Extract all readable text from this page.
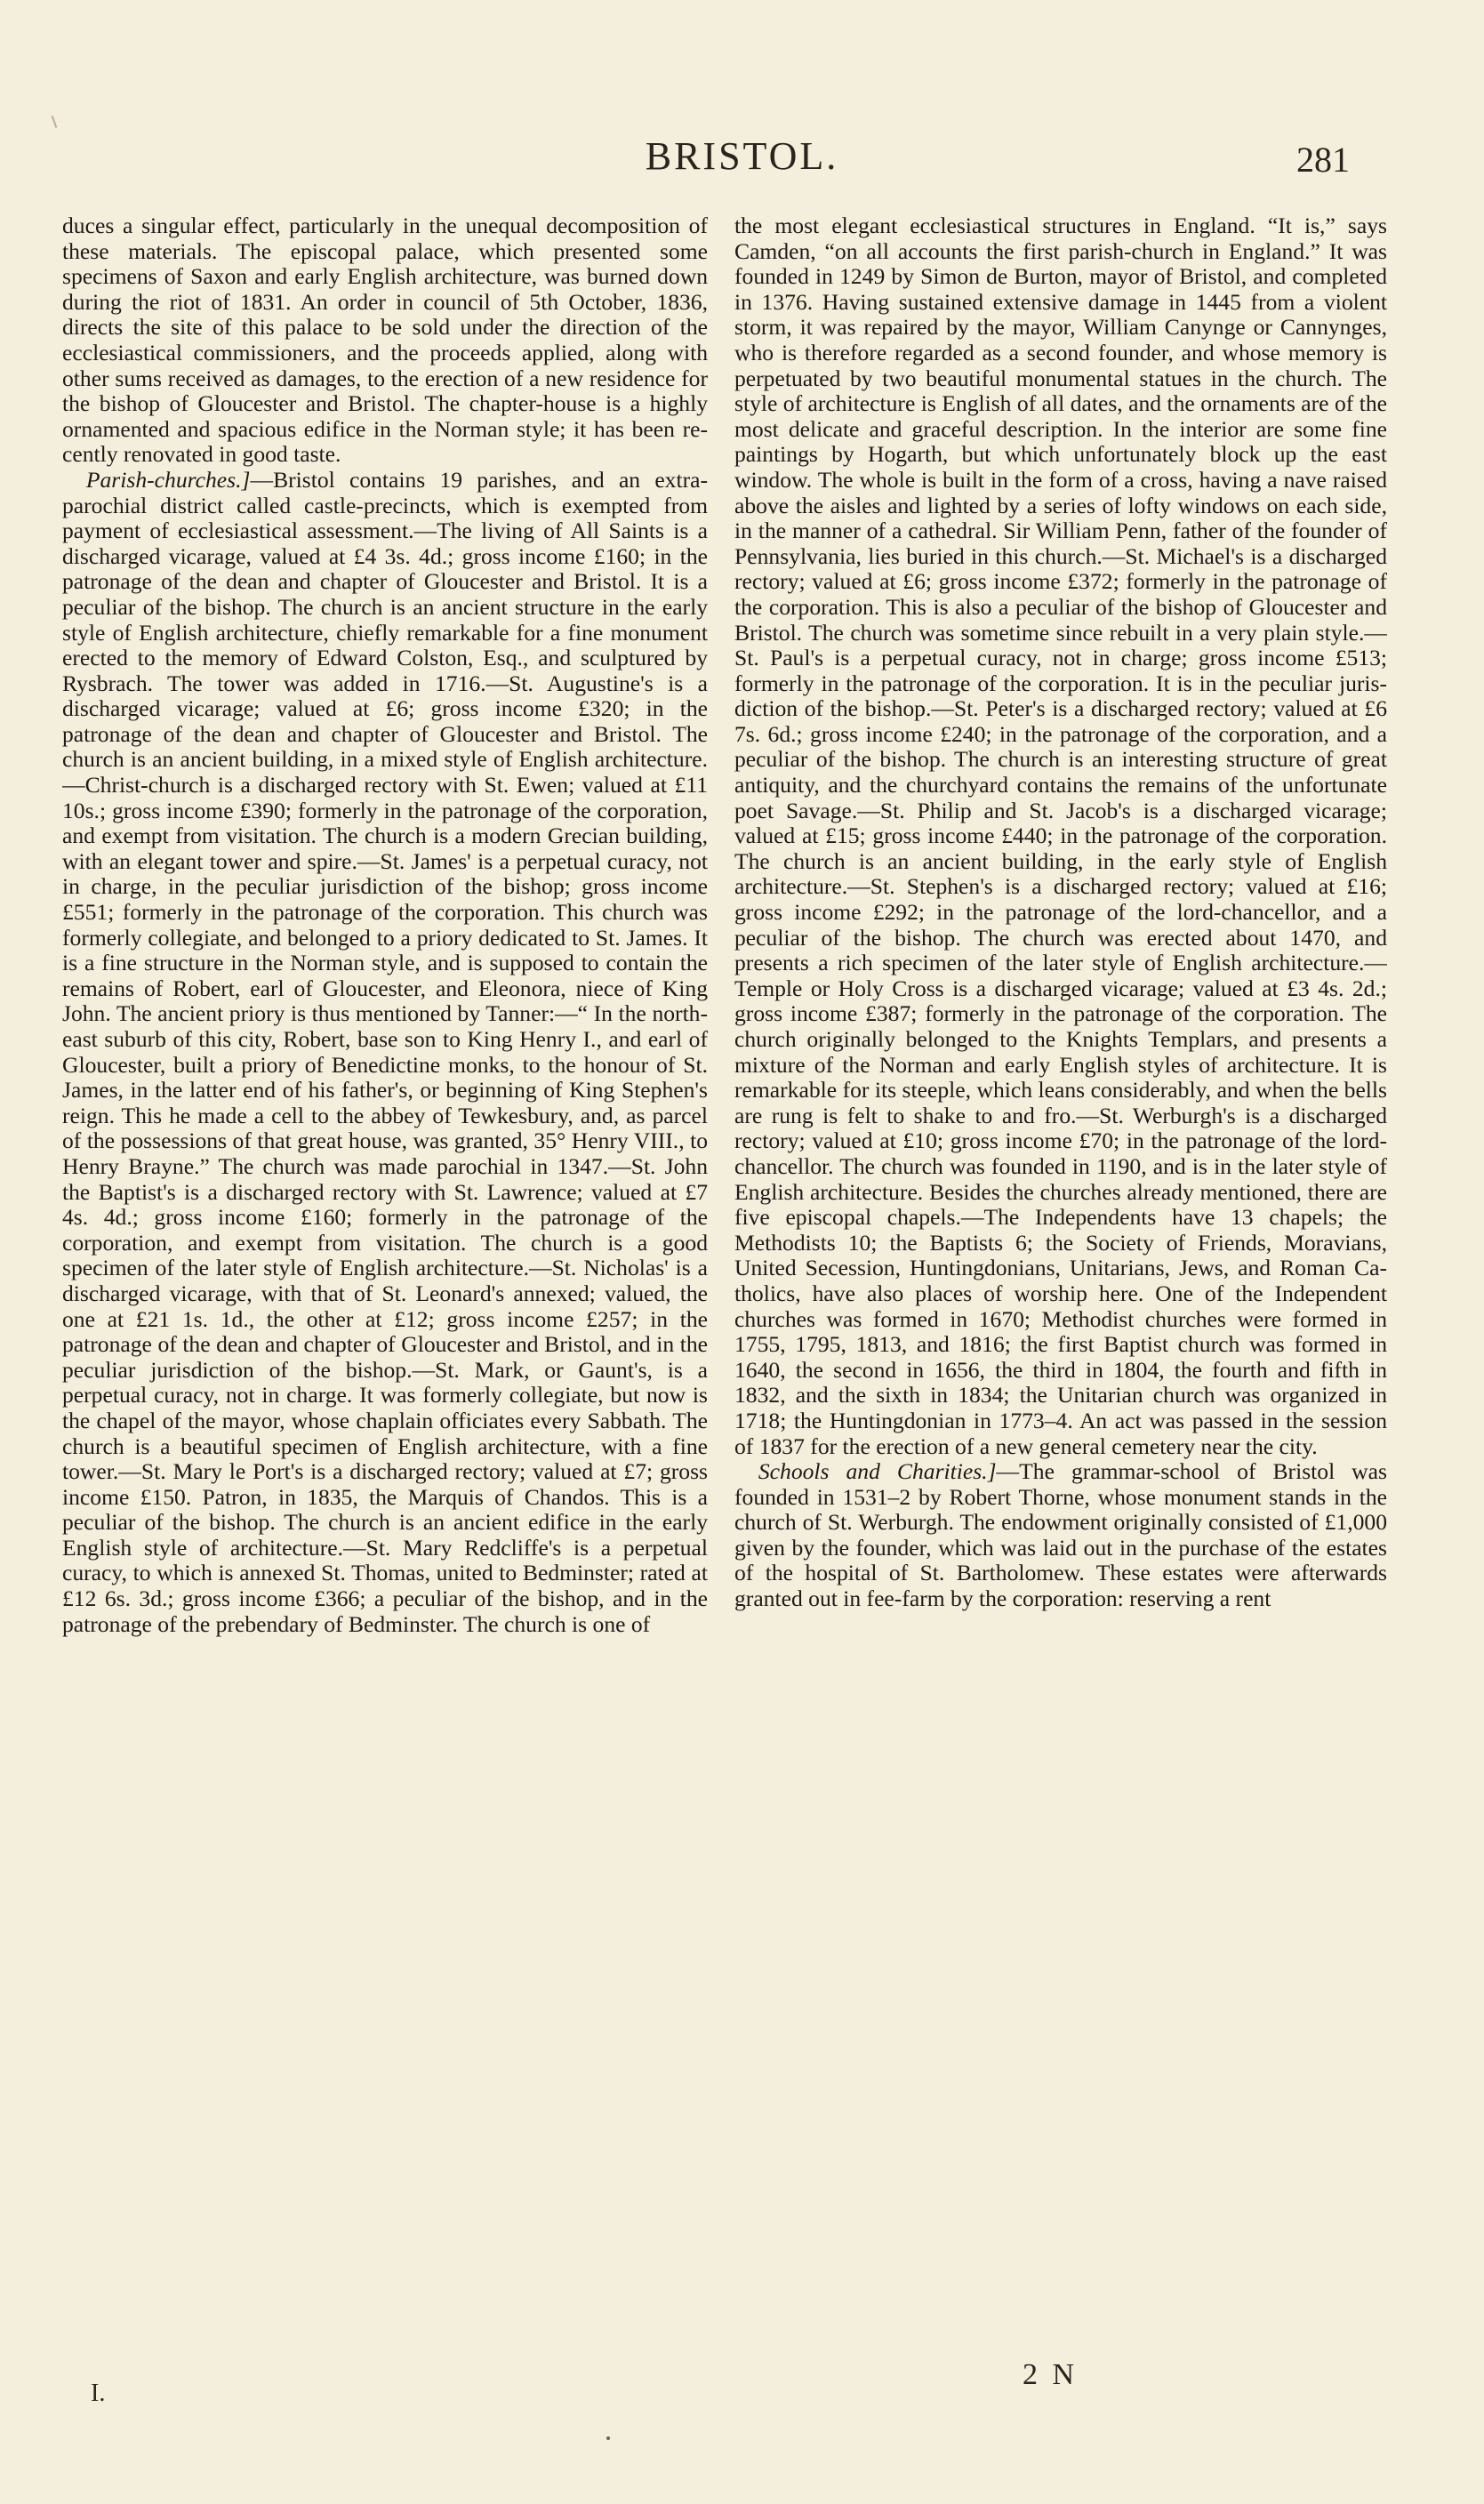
BRISTOL.	281

duces a singular effect, particularly in the unequal decomposition of these materials. The episcopal palace, which presented some specimens of Saxon and early English architecture, was burned down during the riot of 1831. An order in council of 5th October, 1836, directs the site of this palace to be sold under the direction of the ecclesiastical commissioners, and the proceeds applied, along with other sums received as damages, to the erection of a new residence for the bishop of Gloucester and Bristol. The chapter-house is a highly ornamented and spacious edifice in the Norman style; it has been recently renovated in good taste.

Parish-churches.]—Bristol contains 19 parishes, and an extra-parochial district called castle-precincts, which is exempted from payment of ecclesiastical assessment.—The living of All Saints is a discharged vicarage, valued at £4 3s. 4d.; gross income £160; in the patronage of the dean and chapter of Gloucester and Bristol. It is a peculiar of the bishop. The church is an ancient structure in the early style of English architecture, chiefly remarkable for a fine monument erected to the memory of Edward Colston, Esq., and sculptured by Rysbrach. The tower was added in 1716.—St. Augustine's is a discharged vicarage; valued at £6; gross income £320; in the patronage of the dean and chapter of Gloucester and Bristol. The church is an ancient building, in a mixed style of English architecture.—Christ-church is a discharged rectory with St. Ewen; valued at £11 10s.; gross income £390; formerly in the patronage of the corporation, and exempt from visitation. The church is a modern Grecian building, with an elegant tower and spire.—St. James' is a perpetual curacy, not in charge, in the peculiar jurisdiction of the bishop; gross income £551; formerly in the patronage of the corporation. This church was formerly collegiate, and belonged to a priory dedicated to St. James. It is a fine structure in the Norman style, and is supposed to contain the remains of Robert, earl of Gloucester, and Eleonora, niece of King John. The ancient priory is thus mentioned by Tanner:—“ In the north-east suburb of this city, Robert, base son to King Henry I., and earl of Gloucester, built a priory of Benedictine monks, to the honour of St. James, in the latter end of his father's, or beginning of King Stephen's reign. This he made a cell to the abbey of Tewkesbury, and, as parcel of the possessions of that great house, was granted, 35° Henry VIII., to Henry Brayne.” The church was made parochial in 1347.—St. John the Baptist's is a discharged rectory with St. Lawrence; valued at £7 4s. 4d.; gross income £160; formerly in the patronage of the corporation, and exempt from visitation. The church is a good specimen of the later style of English architecture.—St. Nicholas' is a discharged vicarage, with that of St. Leonard's annexed; valued, the one at £21 1s. 1d., the other at £12; gross income £257; in the patronage of the dean and chapter of Gloucester and Bristol, and in the peculiar jurisdiction of the bishop.—St. Mark, or Gaunt's, is a perpetual curacy, not in charge. It was formerly collegiate, but now is the chapel of the mayor, whose chaplain officiates every Sabbath. The church is a beautiful specimen of English architecture, with a fine tower.—St. Mary le Port's is a discharged rectory; valued at £7; gross income £150. Patron, in 1835, the Marquis of Chandos. This is a peculiar of the bishop. The church is an ancient edifice in the early English style of architecture.—St. Mary Redcliffe's is a perpetual curacy, to which is annexed St. Thomas, united to Bedminster; rated at £12 6s. 3d.; gross income £366; a peculiar of the bishop, and in the patronage of the prebendary of Bedminster. The church is one of

the most elegant ecclesiastical structures in England. “It is,” says Camden, “on all accounts the first parish-church in England.” It was founded in 1249 by Simon de Burton, mayor of Bristol, and completed in 1376. Having sustained extensive damage in 1445 from a violent storm, it was repaired by the mayor, William Canynge or Cannynges, who is therefore regarded as a second founder, and whose memory is perpetuated by two beautiful monumental statues in the church. The style of architecture is English of all dates, and the ornaments are of the most delicate and graceful description. In the interior are some fine paintings by Hogarth, but which unfortunately block up the east window. The whole is built in the form of a cross, having a nave raised above the aisles and lighted by a series of lofty windows on each side, in the manner of a cathedral. Sir William Penn, father of the founder of Pennsylvania, lies buried in this church.—St. Michael's is a discharged rectory; valued at £6; gross income £372; formerly in the patronage of the corporation. This is also a peculiar of the bishop of Gloucester and Bristol. The church was sometime since rebuilt in a very plain style.—St. Paul's is a perpetual curacy, not in charge; gross income £513; formerly in the patronage of the corporation. It is in the peculiar jurisdiction of the bishop.—St. Peter's is a discharged rectory; valued at £6 7s. 6d.; gross income £240; in the patronage of the corporation, and a peculiar of the bishop. The church is an interesting structure of great antiquity, and the churchyard contains the remains of the unfortunate poet Savage.—St. Philip and St. Jacob's is a discharged vicarage; valued at £15; gross income £440; in the patronage of the corporation. The church is an ancient building, in the early style of English architecture.—St. Stephen's is a discharged rectory; valued at £16; gross income £292; in the patronage of the lord-chancellor, and a peculiar of the bishop. The church was erected about 1470, and presents a rich specimen of the later style of English architecture.—Temple or Holy Cross is a discharged vicarage; valued at £3 4s. 2d.; gross income £387; formerly in the patronage of the corporation. The church originally belonged to the Knights Templars, and presents a mixture of the Norman and early English styles of architecture. It is remarkable for its steeple, which leans considerably, and when the bells are rung is felt to shake to and fro.—St. Werburgh's is a discharged rectory; valued at £10; gross income £70; in the patronage of the lord-chancellor. The church was founded in 1190, and is in the later style of English architecture. Besides the churches already mentioned, there are five episcopal chapels.—The Independents have 13 chapels; the Methodists 10; the Baptists 6; the Society of Friends, Moravians, United Secession, Huntingdonians, Unitarians, Jews, and Roman Catholics, have also places of worship here. One of the Independent churches was formed in 1670; Methodist churches were formed in 1755, 1795, 1813, and 1816; the first Baptist church was formed in 1640, the second in 1656, the third in 1804, the fourth and fifth in 1832, and the sixth in 1834; the Unitarian church was organized in 1718; the Huntingdonian in 1773–4. An act was passed in the session of 1837 for the erection of a new general cemetery near the city.

Schools and Charities.]—The grammar-school of Bristol was founded in 1531–2 by Robert Thorne, whose monument stands in the church of St. Werburgh. The endowment originally consisted of £1,000 given by the founder, which was laid out in the purchase of the estates of the hospital of St. Bartholomew. These estates were afterwards granted out in fee-farm by the corporation: reserving a rent

I.
2 N
